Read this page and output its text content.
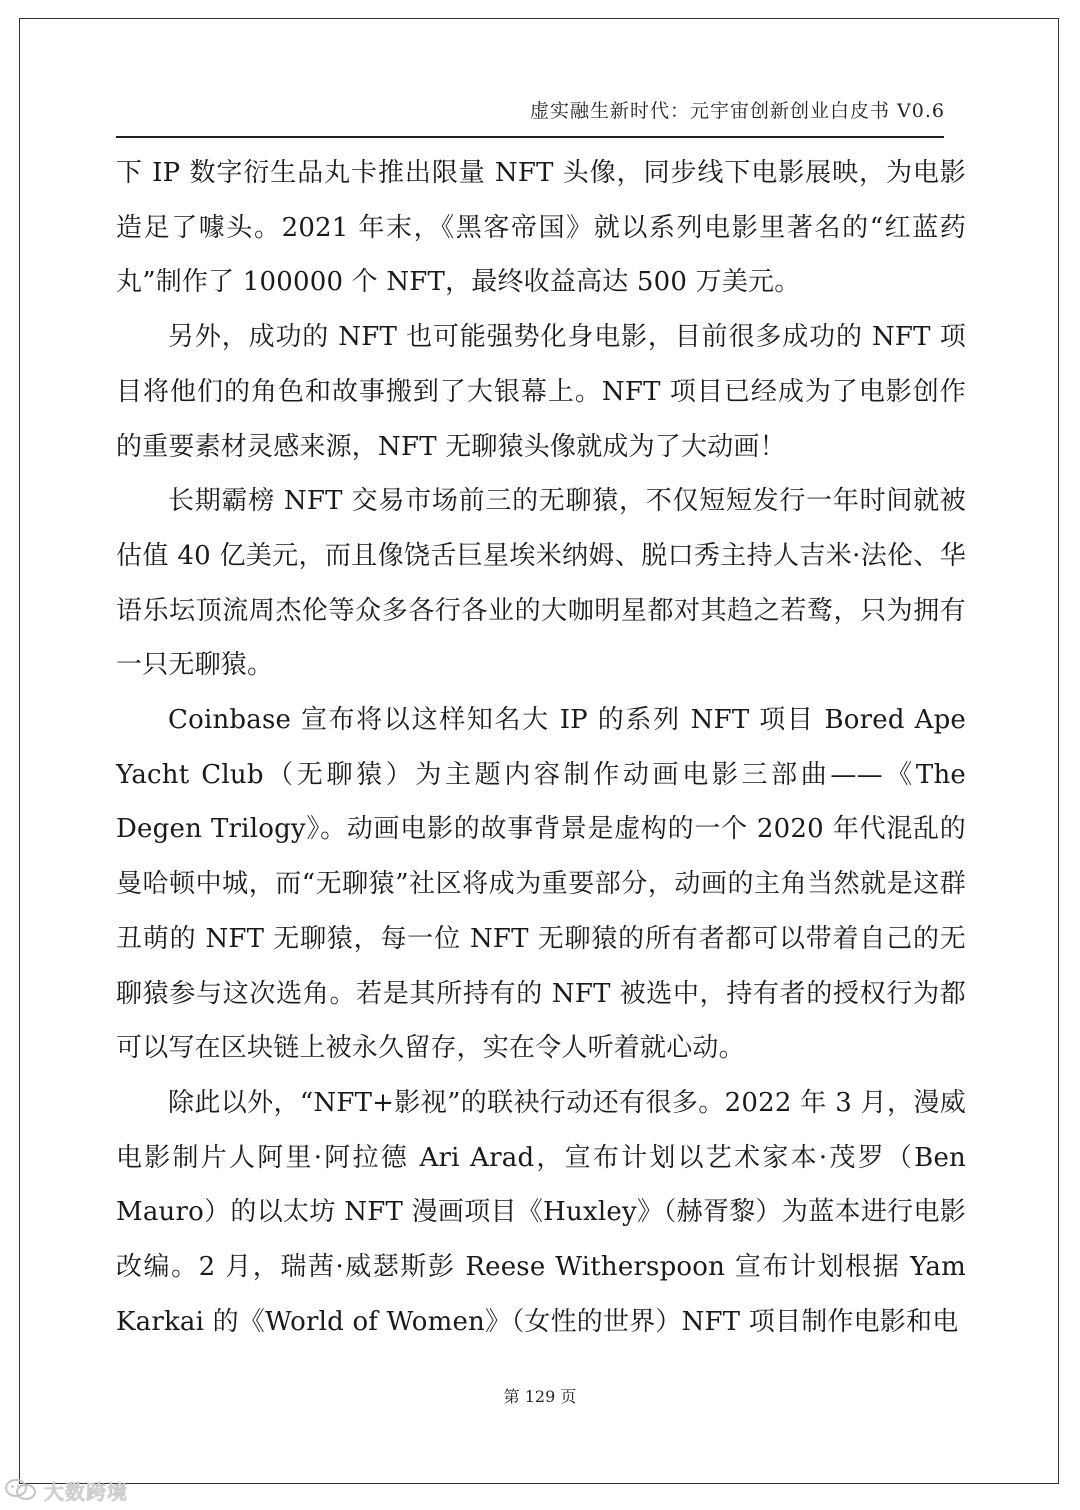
虚实融生新时代：元宇宙创新创业白皮书 V0.6

下 IP 数字衍生品丸卡推出限量 NFT 头像，同步线下电影展映，为电影造足了噱头。2021 年末，《黑客帝国》就以系列电影里著名的“红蓝药丸”制作了 100000 个 NFT，最终收益高达 500 万美元。

另外，成功的 NFT 也可能强势化身电影，目前很多成功的 NFT 项目将他们的角色和故事搬到了大银幕上。NFT 项目已经成为了电影创作的重要素材灵感来源，NFT 无聊猿头像就成为了大动画！

长期霸榜 NFT 交易市场前三的无聊猿，不仅短短发行一年时间就被估值 40 亿美元，而且像饶舌巨星埃米纳姆、脱口秀主持人吉米·法伦、华语乐坛顶流周杰伦等众多各行各业的大咖明星都对其趋之若鹜，只为拥有一只无聊猿。

Coinbase 宣布将以这样知名大 IP 的系列 NFT 项目 Bored Ape Yacht Club（无聊猿）为主题内容制作动画电影三部曲——《The Degen Trilogy》。动画电影的故事背景是虚构的一个 2020 年代混乱的曼哈顿中城，而“无聊猿”社区将成为重要部分，动画的主角当然就是这群丑萌的 NFT 无聊猿，每一位 NFT 无聊猿的所有者都可以带着自己的无聊猿参与这次选角。若是其所持有的 NFT 被选中，持有者的授权行为都可以写在区块链上被永久留存，实在令人听着就心动。

除此以外，“NFT+影视”的联袂行动还有很多。2022 年 3 月，漫威电影制片人阿里·阿拉德 Ari Arad，宣布计划以艺术家本·茂罗（Ben Mauro）的以太坊 NFT 漫画项目《Huxley》（赫胥黎）为蓝本进行电影改编。2 月，瑞茜·威瑟斯彭 Reese Witherspoon 宣布计划根据 Yam Karkai 的《World of Women》（女性的世界）NFT 项目制作电影和电

第 129 页
大数跨境
